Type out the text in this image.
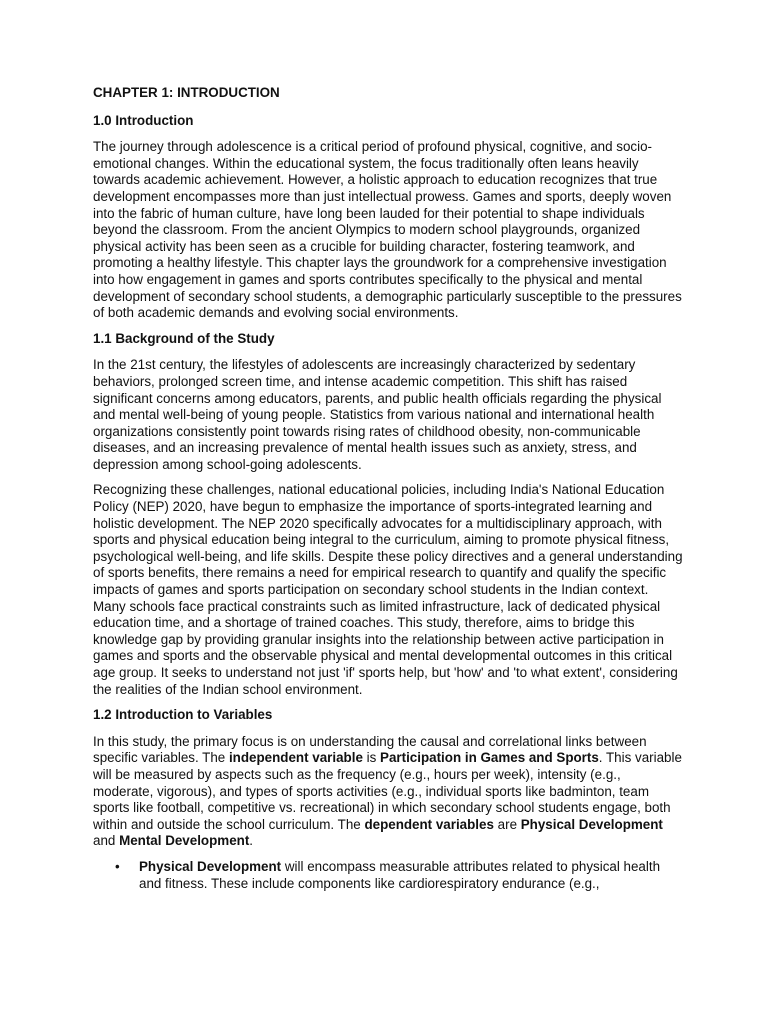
CHAPTER 1: INTRODUCTION
1.0 Introduction

The journey through adolescence is a critical period of profound physical, cognitive, and socio-emotional changes. Within the educational system, the focus traditionally often leans heavily towards academic achievement. However, a holistic approach to education recognizes that true development encompasses more than just intellectual prowess. Games and sports, deeply woven into the fabric of human culture, have long been lauded for their potential to shape individuals beyond the classroom. From the ancient Olympics to modern school playgrounds, organized physical activity has been seen as a crucible for building character, fostering teamwork, and promoting a healthy lifestyle. This chapter lays the groundwork for a comprehensive investigation into how engagement in games and sports contributes specifically to the physical and mental development of secondary school students, a demographic particularly susceptible to the pressures of both academic demands and evolving social environments.

1.1 Background of the Study

In the 21st century, the lifestyles of adolescents are increasingly characterized by sedentary behaviors, prolonged screen time, and intense academic competition. This shift has raised significant concerns among educators, parents, and public health officials regarding the physical and mental well-being of young people. Statistics from various national and international health organizations consistently point towards rising rates of childhood obesity, non-communicable diseases, and an increasing prevalence of mental health issues such as anxiety, stress, and depression among school-going adolescents.

Recognizing these challenges, national educational policies, including India's National Education Policy (NEP) 2020, have begun to emphasize the importance of sports-integrated learning and holistic development. The NEP 2020 specifically advocates for a multidisciplinary approach, with sports and physical education being integral to the curriculum, aiming to promote physical fitness, psychological well-being, and life skills. Despite these policy directives and a general understanding of sports benefits, there remains a need for empirical research to quantify and qualify the specific impacts of games and sports participation on secondary school students in the Indian context. Many schools face practical constraints such as limited infrastructure, lack of dedicated physical education time, and a shortage of trained coaches. This study, therefore, aims to bridge this knowledge gap by providing granular insights into the relationship between active participation in games and sports and the observable physical and mental developmental outcomes in this critical age group. It seeks to understand not just 'if' sports help, but 'how' and 'to what extent', considering the realities of the Indian school environment.

1.2 Introduction to Variables

In this study, the primary focus is on understanding the causal and correlational links between specific variables. The independent variable is Participation in Games and Sports. This variable will be measured by aspects such as the frequency (e.g., hours per week), intensity (e.g., moderate, vigorous), and types of sports activities (e.g., individual sports like badminton, team sports like football, competitive vs. recreational) in which secondary school students engage, both within and outside the school curriculum. The dependent variables are Physical Development and Mental Development.

• Physical Development will encompass measurable attributes related to physical health and fitness. These include components like cardiorespiratory endurance (e.g.,
